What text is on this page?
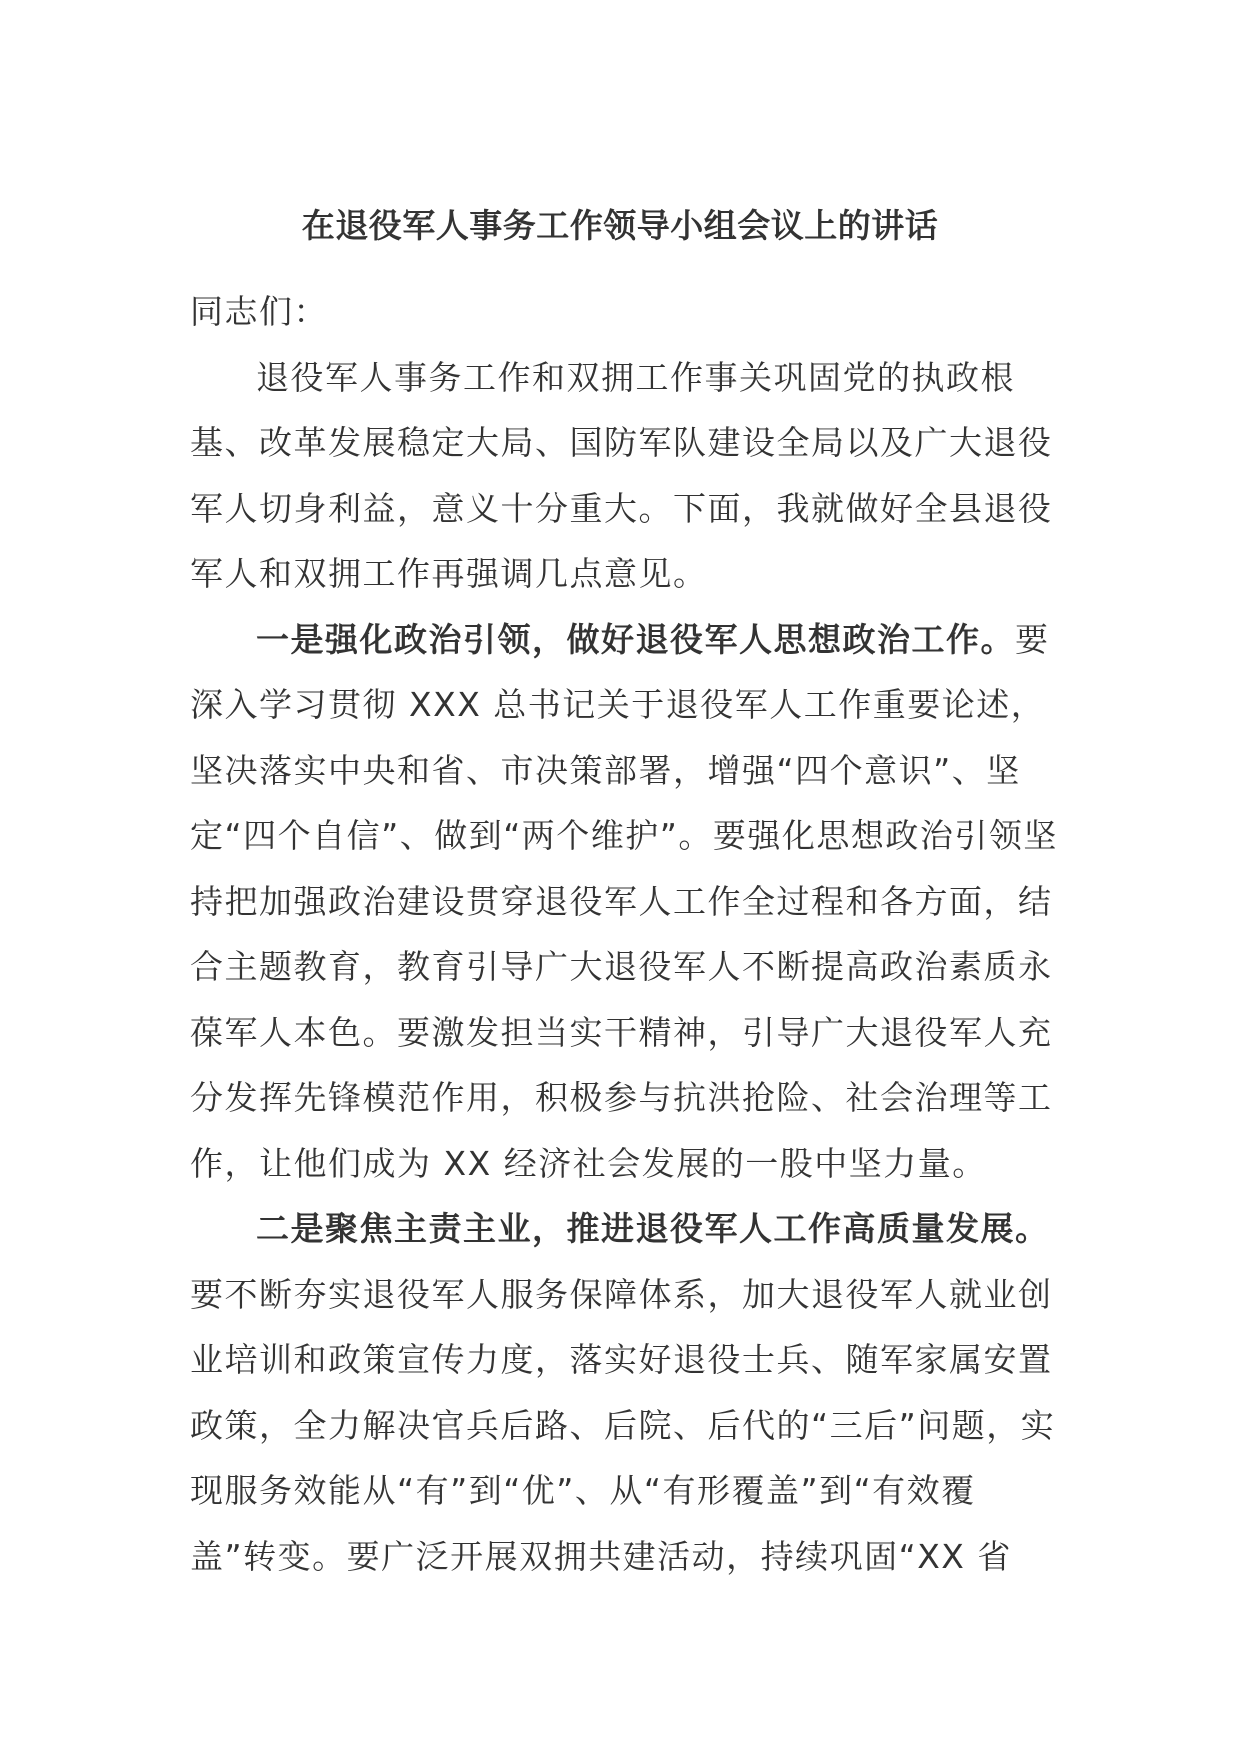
在退役军人事务工作领导小组会议上的讲话

同志们：

退役军人事务工作和双拥工作事关巩固党的执政根基、改革发展稳定大局、国防军队建设全局以及广大退役军人切身利益，意义十分重大。下面，我就做好全县退役军人和双拥工作再强调几点意见。

一是强化政治引领，做好退役军人思想政治工作。要深入学习贯彻 XXX 总书记关于退役军人工作重要论述，坚决落实中央和省、市决策部署，增强“四个意识”、坚定“四个自信”、做到“两个维护”。要强化思想政治引领坚持把加强政治建设贯穿退役军人工作全过程和各方面，结合主题教育，教育引导广大退役军人不断提高政治素质永葆军人本色。要激发担当实干精神，引导广大退役军人充分发挥先锋模范作用，积极参与抗洪抢险、社会治理等工作，让他们成为 XX 经济社会发展的一股中坚力量。

二是聚焦主责主业，推进退役军人工作高质量发展。要不断夯实退役军人服务保障体系，加大退役军人就业创业培训和政策宣传力度，落实好退役士兵、随军家属安置政策，全力解决官兵后路、后院、后代的“三后”问题，实现服务效能从“有”到“优”、从“有形覆盖”到“有效覆盖”转变。要广泛开展双拥共建活动，持续巩固“XX 省
